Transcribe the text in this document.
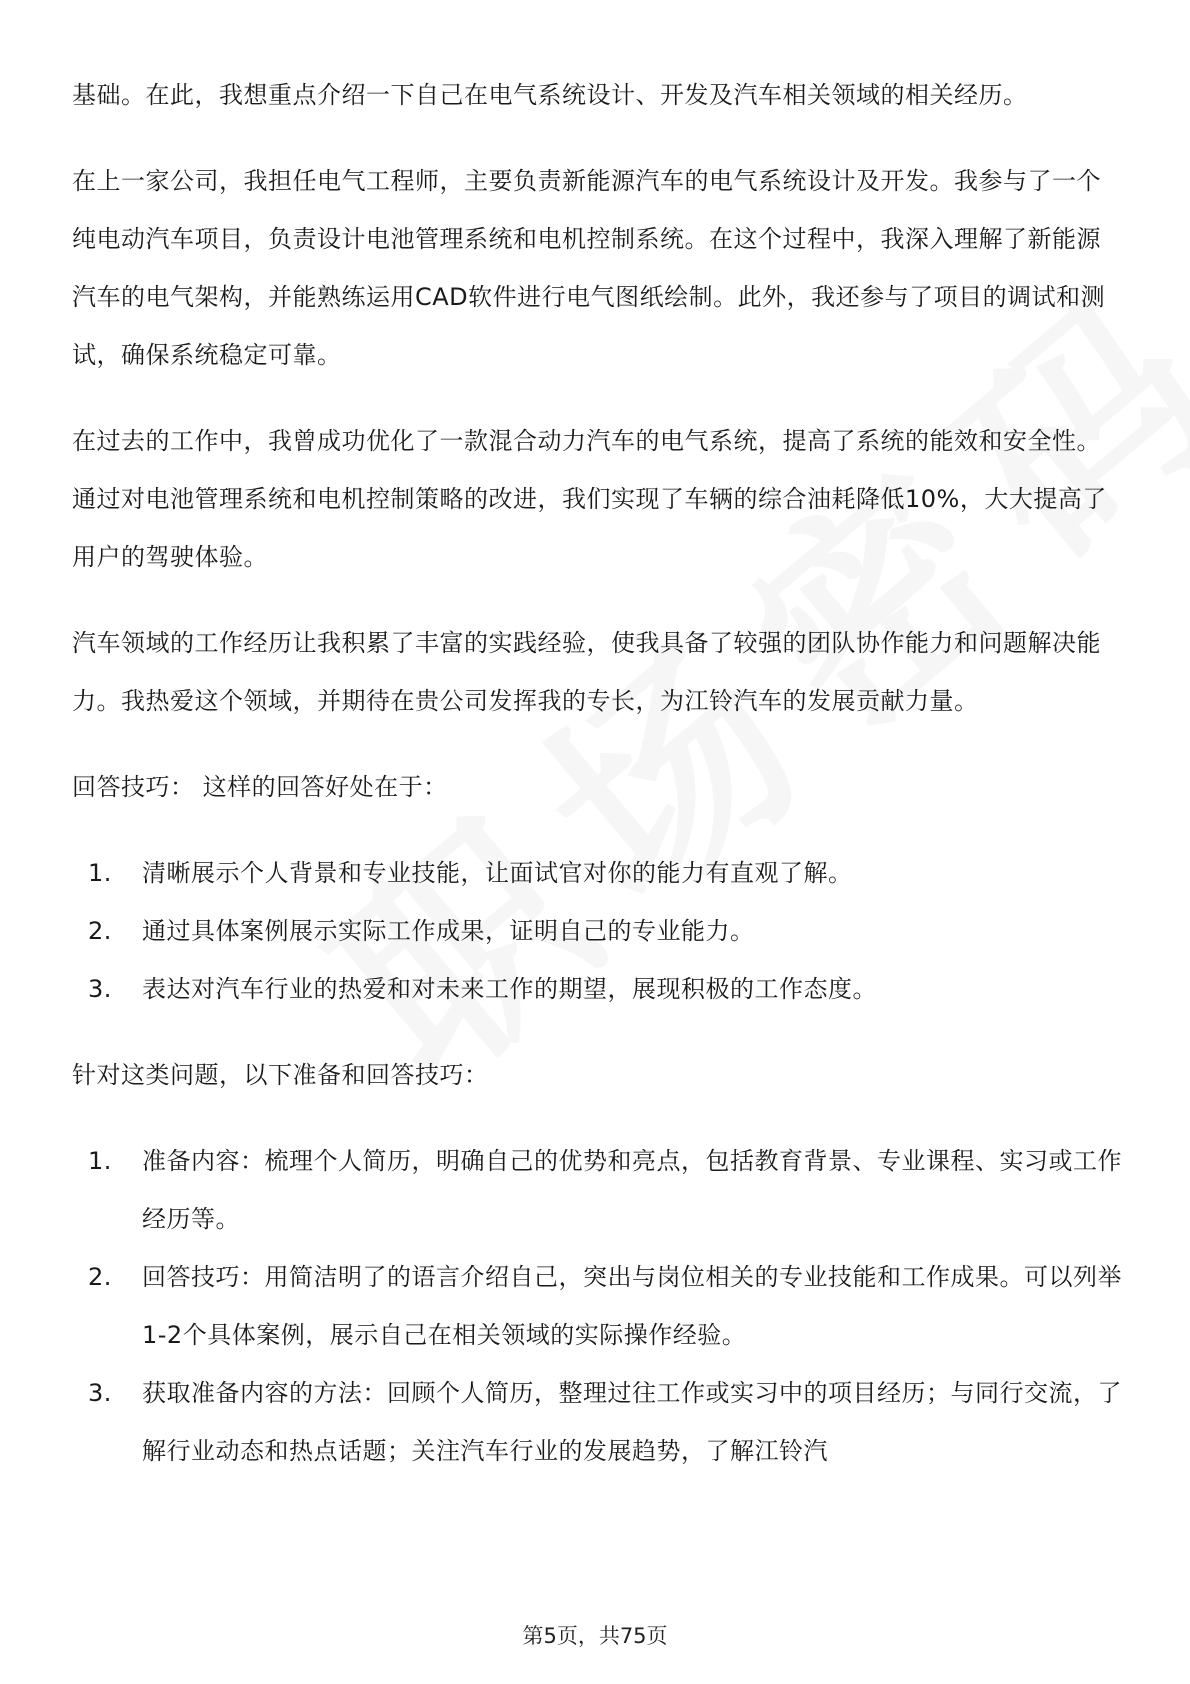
基础。在此，我想重点介绍一下自己在电气系统设计、开发及汽车相关领域的相关经历。

在上一家公司，我担任电气工程师，主要负责新能源汽车的电气系统设计及开发。我参与了一个纯电动汽车项目，负责设计电池管理系统和电机控制系统。在这个过程中，我深入理解了新能源汽车的电气架构，并能熟练运用CAD软件进行电气图纸绘制。此外，我还参与了项目的调试和测试，确保系统稳定可靠。

在过去的工作中，我曾成功优化了一款混合动力汽车的电气系统，提高了系统的能效和安全性。通过对电池管理系统和电机控制策略的改进，我们实现了车辆的综合油耗降低10%，大大提高了用户的驾驶体验。

汽车领域的工作经历让我积累了丰富的实践经验，使我具备了较强的团队协作能力和问题解决能力。我热爱这个领域，并期待在贵公司发挥我的专长，为江铃汽车的发展贡献力量。

回答技巧： 这样的回答好处在于：

1. 清晰展示个人背景和专业技能，让面试官对你的能力有直观了解。
2. 通过具体案例展示实际工作成果，证明自己的专业能力。
3. 表达对汽车行业的热爱和对未来工作的期望，展现积极的工作态度。

针对这类问题，以下准备和回答技巧：

1. 准备内容：梳理个人简历，明确自己的优势和亮点，包括教育背景、专业课程、实习或工作经历等。
2. 回答技巧：用简洁明了的语言介绍自己，突出与岗位相关的专业技能和工作成果。可以列举1-2个具体案例，展示自己在相关领域的实际操作经验。
3. 获取准备内容的方法：回顾个人简历，整理过往工作或实习中的项目经历；与同行交流，了解行业动态和热点话题；关注汽车行业的发展趋势，了解江铃汽
第5页，共75页
